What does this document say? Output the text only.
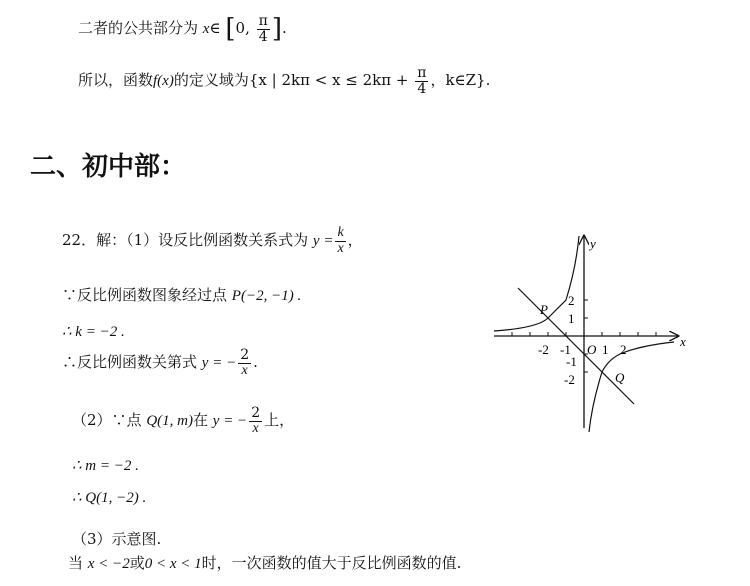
二者的公共部分为 x∈ [0, $\frac{\pi}{4}$ ].
所以，函数f(x)的定义域为{x | $2k\pi < x \le 2k\pi + \frac{\pi}{4}$ ，k∈Z}.
二、初中部：
22．解：（1）设反比例函数关系式为 $y = \frac{k}{x}$ ，
∵反比例函数图象经过点 P(−2, −1) .
∴ k = −2 .
∴反比例函数关第式 y = − $\frac{2}{x}$ .
（2）∵点 Q(1, m)在 y = − $\frac{2}{x}$ 上，
∴ m = −2 .
∴ Q(1, −2) .
（3）示意图.
当 x < −2或0 < x < 1时，一次函数的值大于反比例函数的值.
x
y
O
-2 -1 1 2
2
1
-1
-2
P
Q
